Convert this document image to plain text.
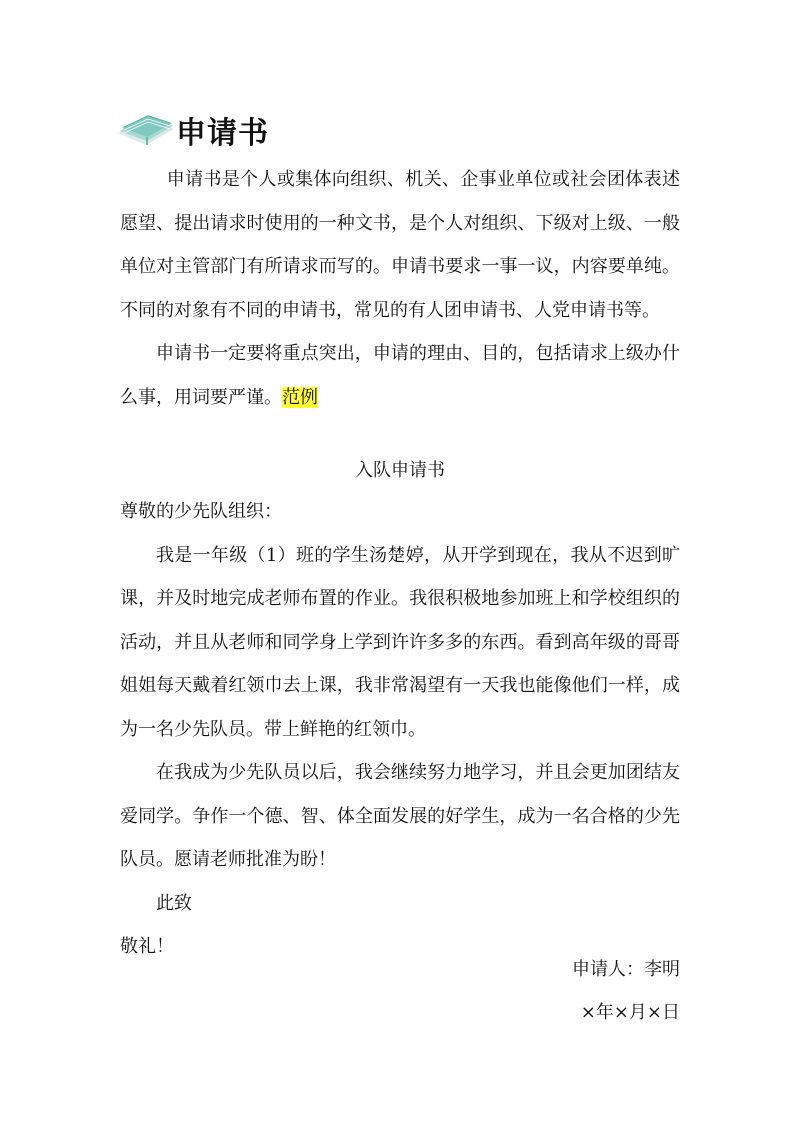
申请书

申请书是个人或集体向组织、机关、企事业单位或社会团体表述愿望、提出请求时使用的一种文书，是个人对组织、下级对上级、一般单位对主管部门有所请求而写的。申请书要求一事一议，内容要单纯。不同的对象有不同的申请书，常见的有人团申请书、人党申请书等。

申请书一定要将重点突出，申请的理由、目的，包括请求上级办什么事，用词要严谨。范例

入队申请书

尊敬的少先队组织：

我是一年级（1）班的学生汤楚婷，从开学到现在，我从不迟到旷课，并及时地完成老师布置的作业。我很积极地参加班上和学校组织的活动，并且从老师和同学身上学到许许多多的东西。看到高年级的哥哥姐姐每天戴着红领巾去上课，我非常渴望有一天我也能像他们一样，成为一名少先队员。带上鲜艳的红领巾。

在我成为少先队员以后，我会继续努力地学习，并且会更加团结友爱同学。争作一个德、智、体全面发展的好学生，成为一名合格的少先队员。愿请老师批准为盼！

此致

敬礼！

申请人：李明
×年×月×日
